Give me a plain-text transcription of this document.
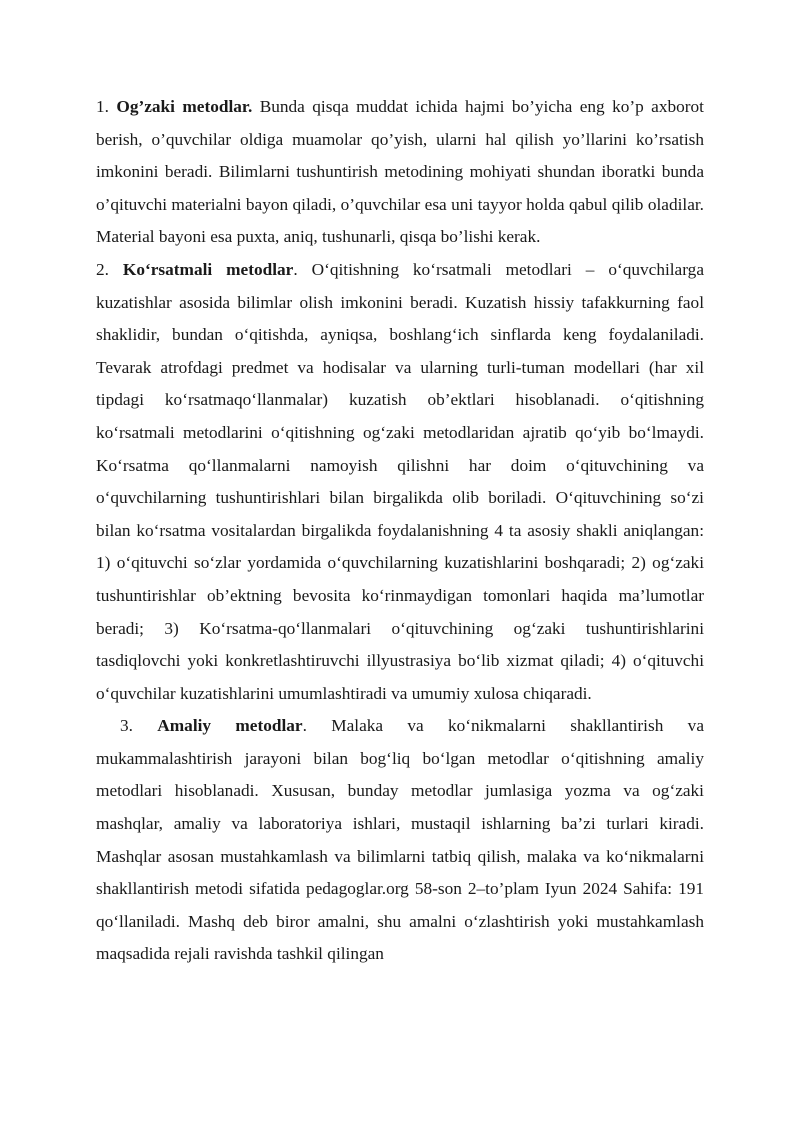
1. Og’zaki metodlar. Bunda qisqa muddat ichida hajmi bo’yicha eng ko’p axborot berish, o’quvchilar oldiga muamolar qo’yish, ularni hal qilish yo’llarini ko’rsatish imkonini beradi. Bilimlarni tushuntirish metodining mohiyati shundan iboratki bunda o’qituvchi materialni bayon qiladi, o’quvchilar esa uni tayyor holda qabul qilib oladilar. Material bayoni esa puxta, aniq, tushunarli, qisqa bo’lishi kerak.

2. Ko‘rsatmali metodlar. O‘qitishning ko‘rsatmali metodlari – o‘quvchilarga kuzatishlar asosida bilimlar olish imkonini beradi. Kuzatish hissiy tafakkurning faol shaklidir, bundan o‘qitishda, ayniqsa, boshlang‘ich sinflarda keng foydalaniladi. Tevarak atrofdagi predmet va hodisalar va ularning turli-tuman modellari (har xil tipdagi ko‘rsatmaqo‘llanmalar) kuzatish ob’ektlari hisoblanadi. o‘qitishning ko‘rsatmali metodlarini o‘qitishning og‘zaki metodlaridan ajratib qo‘yib bo‘lmaydi. Ko‘rsatma qo‘llanmalarni namoyish qilishni har doim o‘qituvchining va o‘quvchilarning tushuntirishlari bilan birgalikda olib boriladi. O‘qituvchining so‘zi bilan ko‘rsatma vositalardan birgalikda foydalanishning 4 ta asosiy shakli aniqlangan: 1) o‘qituvchi so‘zlar yordamida o‘quvchilarning kuzatishlarini boshqaradi; 2) og‘zaki tushuntirishlar ob’ektning bevosita ko‘rinmaydigan tomonlari haqida ma’lumotlar beradi; 3) Ko‘rsatma-qo‘llanmalari o‘qituvchining og‘zaki tushuntirishlarini tasdiqlovchi yoki konkretlashtiruvchi illyustrasiya bo‘lib xizmat qiladi; 4) o‘qituvchi o‘quvchilar kuzatishlarini umumlashtiradi va umumiy xulosa chiqaradi.

3. Amaliy metodlar. Malaka va ko‘nikmalarni shakllantirish va mukammalashtirish jarayoni bilan bog‘liq bo‘lgan metodlar o‘qitishning amaliy metodlari hisoblanadi. Xususan, bunday metodlar jumlasiga yozma va og‘zaki mashqlar, amaliy va laboratoriya ishlari, mustaqil ishlarning ba’zi turlari kiradi. Mashqlar asosan mustahkamlash va bilimlarni tatbiq qilish, malaka va ko‘nikmalarni shakllantirish metodi sifatida pedagoglar.org 58-son 2–to’plam Iyun 2024 Sahifa: 191 qo‘llaniladi. Mashq deb biror amalni, shu amalni o‘zlashtirish yoki mustahkamlash maqsadida rejali ravishda tashkil qilingan
